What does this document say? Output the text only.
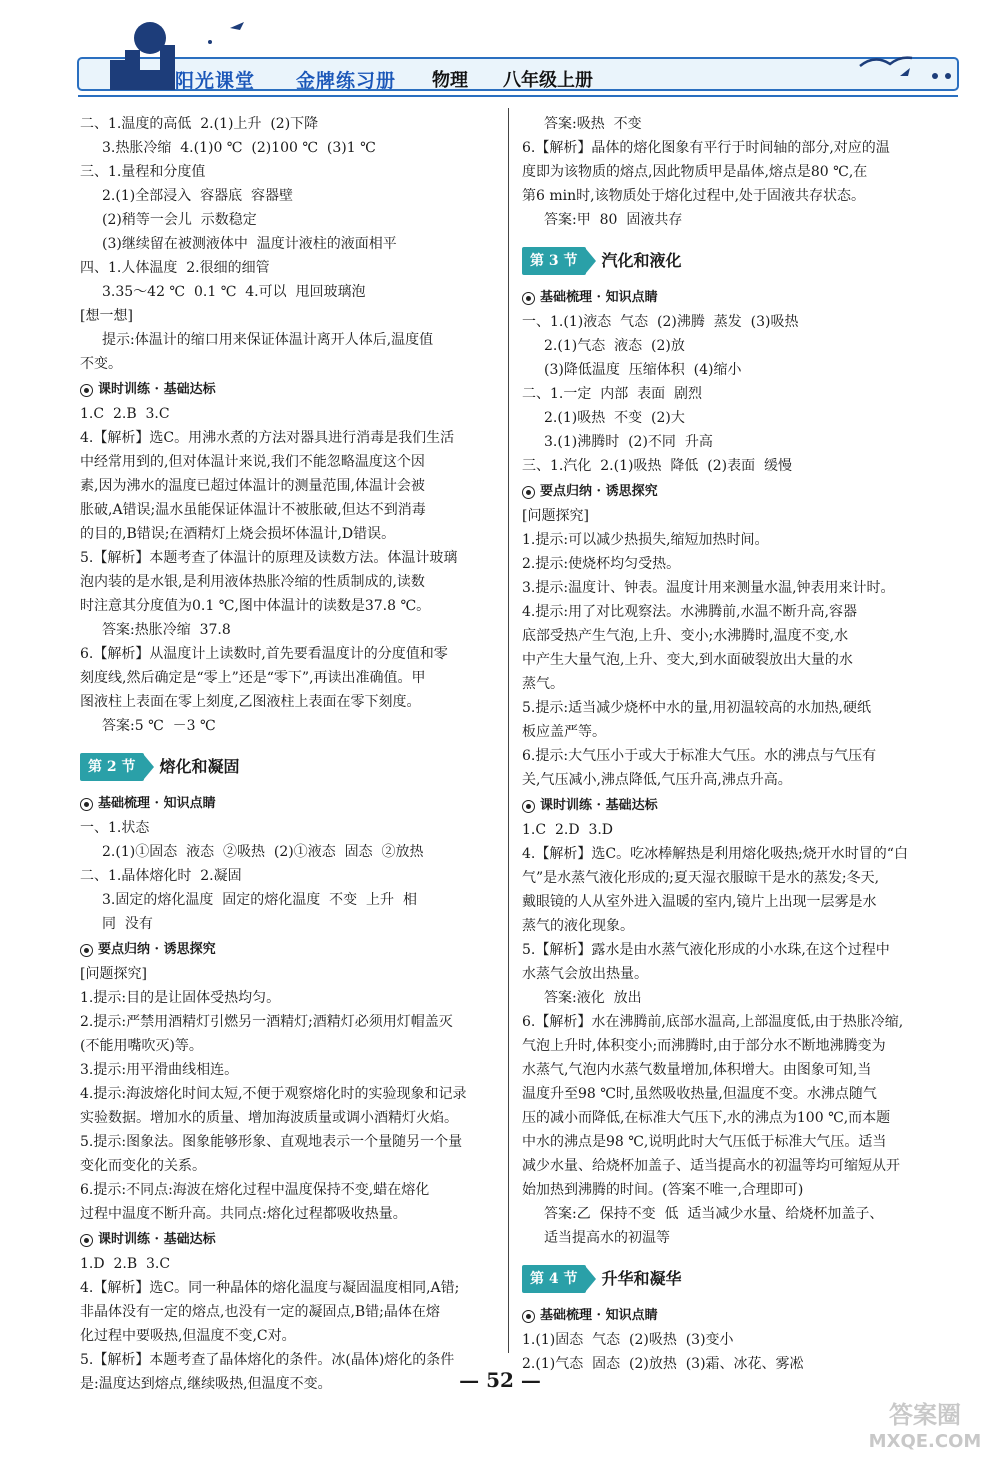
阳光课堂 金牌练习册 物理 八年级上册
二、1.温度的高低  2.(1)上升  (2)下降
3.热胀冷缩  4.(1)0 ℃  (2)100 ℃  (3)1 ℃
三、1.量程和分度值
2.(1)全部浸入  容器底  容器壁
(2)稍等一会儿  示数稳定
(3)继续留在被测液体中  温度计液柱的液面相平
四、1.人体温度  2.很细的细管
3.35～42 ℃  0.1 ℃  4.可以  甩回玻璃泡
[想一想]
提示:体温计的缩口用来保证体温计离开人体后,温度值
不变。
课时训练 · 基础达标
1.C  2.B  3.C
4.【解析】选C。用沸水煮的方法对器具进行消毒是我们生活
中经常用到的,但对体温计来说,我们不能忽略温度这个因
素,因为沸水的温度已超过体温计的测量范围,体温计会被
胀破,A错误;温水虽能保证体温计不被胀破,但达不到消毒
的目的,B错误;在酒精灯上烧会损坏体温计,D错误。
5.【解析】本题考查了体温计的原理及读数方法。体温计玻璃
泡内装的是水银,是利用液体热胀冷缩的性质制成的,读数
时注意其分度值为0.1 ℃,图中体温计的读数是37.8 ℃。
答案:热胀冷缩  37.8
6.【解析】从温度计上读数时,首先要看温度计的分度值和零
刻度线,然后确定是“零上”还是“零下”,再读出准确值。甲
图液柱上表面在零上刻度,乙图液柱上表面在零下刻度。
答案:5 ℃  －3 ℃
第 2 节	熔化和凝固
基础梳理 · 知识点睛
一、1.状态
2.(1)①固态  液态  ②吸热  (2)①液态  固态  ②放热
二、1.晶体熔化时  2.凝固
3.固定的熔化温度  固定的熔化温度  不变  上升  相
同  没有
要点归纳 · 诱思探究
[问题探究]
1.提示:目的是让固体受热均匀。
2.提示:严禁用酒精灯引燃另一酒精灯;酒精灯必须用灯帽盖灭
(不能用嘴吹灭)等。
3.提示:用平滑曲线相连。
4.提示:海波熔化时间太短,不便于观察熔化时的实验现象和记录
实验数据。增加水的质量、增加海波质量或调小酒精灯火焰。
5.提示:图象法。图象能够形象、直观地表示一个量随另一个量
变化而变化的关系。
6.提示:不同点:海波在熔化过程中温度保持不变,蜡在熔化
过程中温度不断升高。共同点:熔化过程都吸收热量。
课时训练 · 基础达标
1.D  2.B  3.C
4.【解析】选C。同一种晶体的熔化温度与凝固温度相同,A错;
非晶体没有一定的熔点,也没有一定的凝固点,B错;晶体在熔
化过程中要吸热,但温度不变,C对。
5.【解析】本题考查了晶体熔化的条件。冰(晶体)熔化的条件
是:温度达到熔点,继续吸热,但温度不变。
答案:吸热  不变
6.【解析】晶体的熔化图象有平行于时间轴的部分,对应的温
度即为该物质的熔点,因此物质甲是晶体,熔点是80 ℃,在
第6 min时,该物质处于熔化过程中,处于固液共存状态。
答案:甲  80  固液共存
第 3 节	汽化和液化
基础梳理 · 知识点睛
一、1.(1)液态  气态  (2)沸腾  蒸发  (3)吸热
2.(1)气态  液态  (2)放
(3)降低温度  压缩体积  (4)缩小
二、1.一定  内部  表面  剧烈
2.(1)吸热  不变  (2)大
3.(1)沸腾时  (2)不同  升高
三、1.汽化  2.(1)吸热  降低  (2)表面  缓慢
要点归纳 · 诱思探究
[问题探究]
1.提示:可以减少热损失,缩短加热时间。
2.提示:使烧杯均匀受热。
3.提示:温度计、钟表。温度计用来测量水温,钟表用来计时。
4.提示:用了对比观察法。水沸腾前,水温不断升高,容器
底部受热产生气泡,上升、变小;水沸腾时,温度不变,水
中产生大量气泡,上升、变大,到水面破裂放出大量的水
蒸气。
5.提示:适当减少烧杯中水的量,用初温较高的水加热,硬纸
板应盖严等。
6.提示:大气压小于或大于标准大气压。水的沸点与气压有
关,气压减小,沸点降低,气压升高,沸点升高。
课时训练 · 基础达标
1.C  2.D  3.D
4.【解析】选C。吃冰棒解热是利用熔化吸热;烧开水时冒的“白
气”是水蒸气液化形成的;夏天湿衣服晾干是水的蒸发;冬天,
戴眼镜的人从室外进入温暖的室内,镜片上出现一层雾是水
蒸气的液化现象。
5.【解析】露水是由水蒸气液化形成的小水珠,在这个过程中
水蒸气会放出热量。
答案:液化  放出
6.【解析】水在沸腾前,底部水温高,上部温度低,由于热胀冷缩,
气泡上升时,体积变小;而沸腾时,由于部分水不断地沸腾变为
水蒸气,气泡内水蒸气数量增加,体积增大。由图象可知,当
温度升至98 ℃时,虽然吸收热量,但温度不变。水沸点随气
压的减小而降低,在标准大气压下,水的沸点为100 ℃,而本题
中水的沸点是98 ℃,说明此时大气压低于标准大气压。适当
减少水量、给烧杯加盖子、适当提高水的初温等均可缩短从开
始加热到沸腾的时间。(答案不唯一,合理即可)
答案:乙  保持不变  低  适当减少水量、给烧杯加盖子、
适当提高水的初温等
第 4 节	升华和凝华
基础梳理 · 知识点睛
1.(1)固态  气态  (2)吸热  (3)变小
2.(1)气态  固态  (2)放热  (3)霜、冰花、雾凇
— 52 —
答案圈
MXQE.COM
